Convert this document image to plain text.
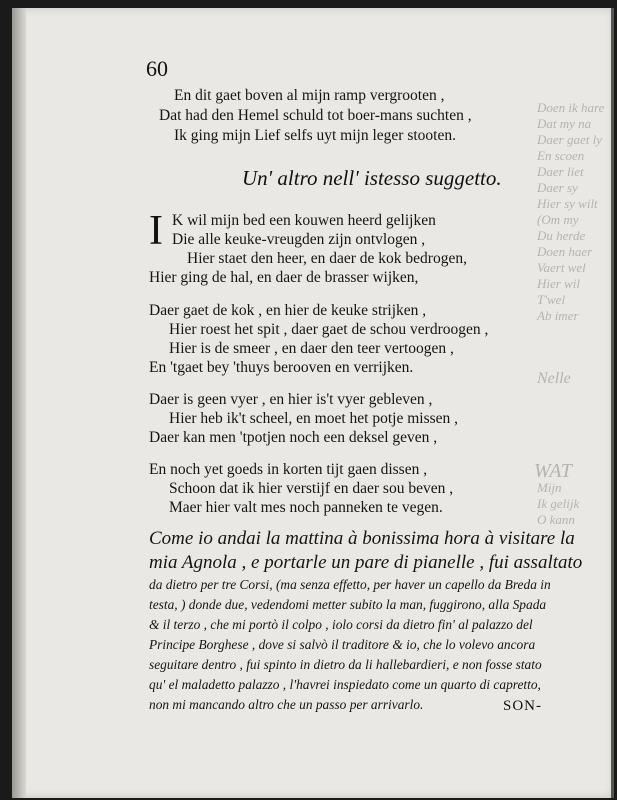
Doen ik hare
Dat my na
Daer gaet ly
En scoen
Daer liet
Daer sy
Hier sy wilt
(Om my
Du herde
Doen haer
Vaert wel
Hier wil
T'wel
Ab imer
Nelle
WAT
Mijn
Ik gelijk
O kann
60
En dit gaet boven al mijn ramp vergrooten ,
Dat had den Hemel schuld tot boer-mans suchten ,
Ik ging mijn Lief selfs uyt mijn leger stooten.
Un' altro nell' istesso suggetto.
I K wil mijn bed een kouwen heerd gelijken
Die alle keuke-vreugden zijn ontvlogen ,
Hier staet den heer, en daer de kok bedrogen,
Hier ging de hal, en daer de brasser wijken,
Daer gaet de kok , en hier de keuke strijken ,
Hier roest het spit , daer gaet de schou verdroogen ,
Hier is de smeer , en daer den teer vertoogen ,
En 'tgaet bey 'thuys berooven en verrijken.
Daer is geen vyer , en hier is't vyer gebleven ,
Hier heb ik't scheel, en moet het potje missen ,
Daer kan men 'tpotjen noch een deksel geven ,
En noch yet goeds in korten tijt gaen dissen ,
Schoon dat ik hier verstijf en daer sou beven ,
Maer hier valt mes noch panneken te vegen.
Come io andai la mattina à bonissima hora à visitare la
mia Agnola , e portarle un pare di pianelle , fui assaltato
da dietro per tre Corsi, (ma senza effetto, per haver un capello da Breda in
testa, ) donde due, vedendomi metter subito la man, fuggirono, alla Spada
& il terzo , che mi portò il colpo , iolo corsi da dietro fin' al palazzo del
Principe Borghese , dove si salvò il traditore & io, che lo volevo ancora
seguitare dentro , fui spinto in dietro da li hallebardieri, e non fosse stato
qu' el maladetto palazzo , l'havrei inspiedato come un quarto di capretto,
non mi mancando altro che un passo per arrivarlo.	SON-
